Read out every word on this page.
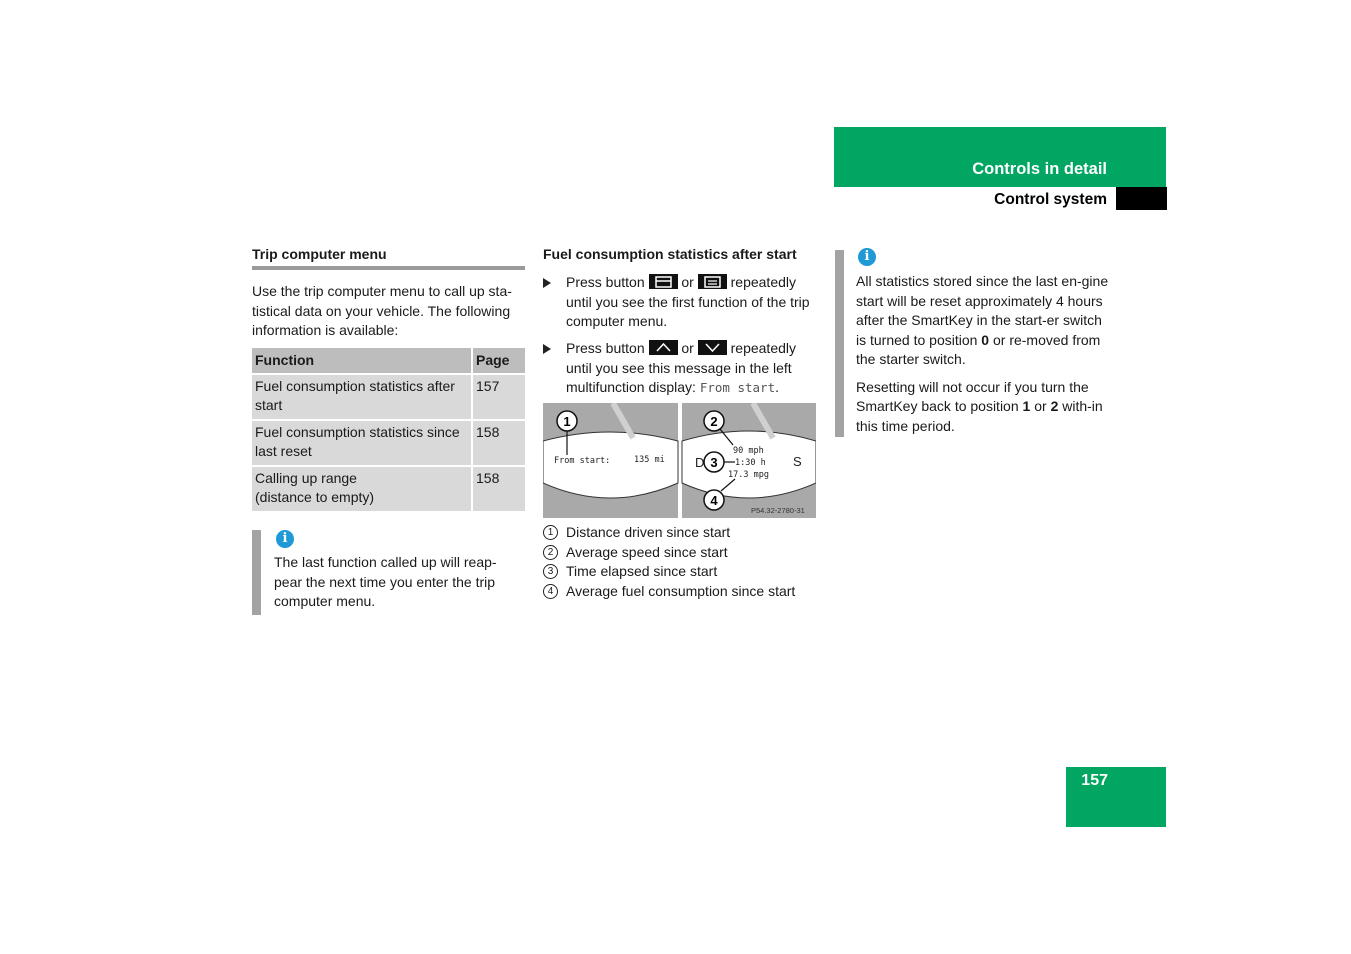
Controls in detail
Control system
Trip computer menu

Use the trip computer menu to call up sta-tistical data on your vehicle. The following information is available:

Function	Page
Fuel consumption statistics after start	157
Fuel consumption statistics since last reset	158
Calling up range
(distance to empty)	158
i

The last function called up will reap-pear the next time you enter the trip computer menu.

Fuel consumption statistics after start
Press button	or	repeatedly until you see the first function of the trip computer menu.
Press button	or	repeatedly until you see this message in the left multifunction display: From start.
From start:	135 mi
1
D	S
90 mph
1:30 h
17.3 mpg
2
3
4
P54.32-2780-31
1 Distance driven since start
2 Average speed since start
3 Time elapsed since start
4 Average fuel consumption since start
i

All statistics stored since the last en-gine start will be reset approximately 4 hours after the SmartKey in the start-er switch is turned to position 0 or re-moved from the starter switch.

Resetting will not occur if you turn the SmartKey back to position 1 or 2 with-in this time period.

157
